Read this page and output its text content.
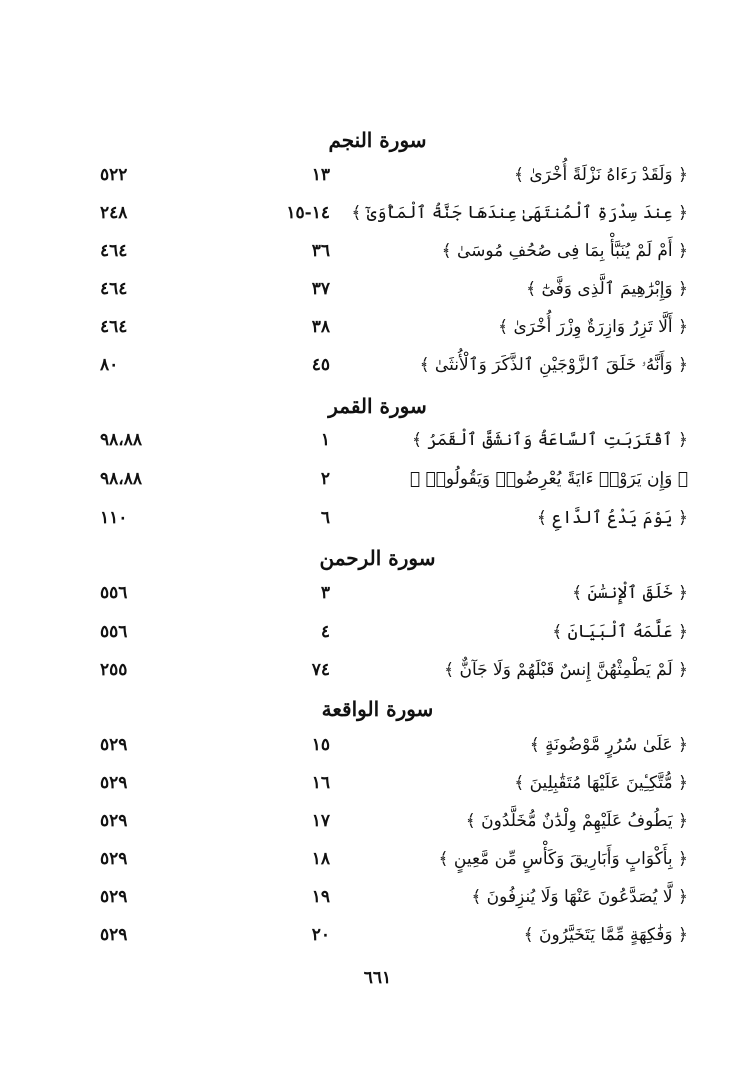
سورة النجم
﴿ وَلَقَدْ رَءَاهُ نَزْلَةً أُخْرَىٰ ﴾
١٣
٥٢٢
﴿ عِندَ سِدْرَةِ ٱلْمُنتَهَىٰ عِندَهَا جَنَّةُ ٱلْمَأْوَىٰٓ ﴾
١٤-١٥
٢٤٨
﴿ أَمْ لَمْ يُنَبَّأْ بِمَا فِى صُحُفِ مُوسَىٰ ﴾
٣٦
٤٦٤
﴿ وَإِبْرَٰهِيمَ ٱلَّذِى وَفَّىٰٓ ﴾
٣٧
٤٦٤
﴿ أَلَّا تَزِرُ وَازِرَةٌ وِزْرَ أُخْرَىٰ ﴾
٣٨
٤٦٤
﴿ وَأَنَّهُۥ خَلَقَ ٱلزَّوْجَيْنِ ٱلذَّكَرَ وَٱلْأُنثَىٰ ﴾
٤٥
٨٠
سورة القمر
﴿ ٱقْتَرَبَتِ ٱلسَّاعَةُ وَٱنشَقَّ ٱلْقَمَرُ ﴾
١
٩٨،٨٨
﴿ وَإِن يَرَوْا۟ ءَايَةً يُعْرِضُوا۟ وَيَقُولُوا۟ ﴾
٢
٩٨،٨٨
﴿ يَوْمَ يَدْعُ ٱلدَّاعِ ﴾
٦
١١٠
سورة الرحمن
﴿ خَلَقَ ٱلْإِنسَٰنَ ﴾
٣
٥٥٦
﴿ عَلَّمَهُ ٱلْبَيَانَ ﴾
٤
٥٥٦
﴿ لَمْ يَطْمِثْهُنَّ إِنسٌ قَبْلَهُمْ وَلَا جَآنٌّ ﴾
٧٤
٢٥٥
سورة الواقعة
﴿ عَلَىٰ سُرُرٍ مَّوْضُونَةٍ ﴾
١٥
٥٢٩
﴿ مُّتَّكِـِٔينَ عَلَيْهَا مُتَقَٰبِلِينَ ﴾
١٦
٥٢٩
﴿ يَطُوفُ عَلَيْهِمْ وِلْدَٰنٌ مُّخَلَّدُونَ ﴾
١٧
٥٢٩
﴿ بِأَكْوَابٍ وَأَبَارِيقَ وَكَأْسٍ مِّن مَّعِينٍ ﴾
١٨
٥٢٩
﴿ لَّا يُصَدَّعُونَ عَنْهَا وَلَا يُنزِفُونَ ﴾
١٩
٥٢٩
﴿ وَفَٰكِهَةٍ مِّمَّا يَتَخَيَّرُونَ ﴾
٢٠
٥٢٩
٦٦١
